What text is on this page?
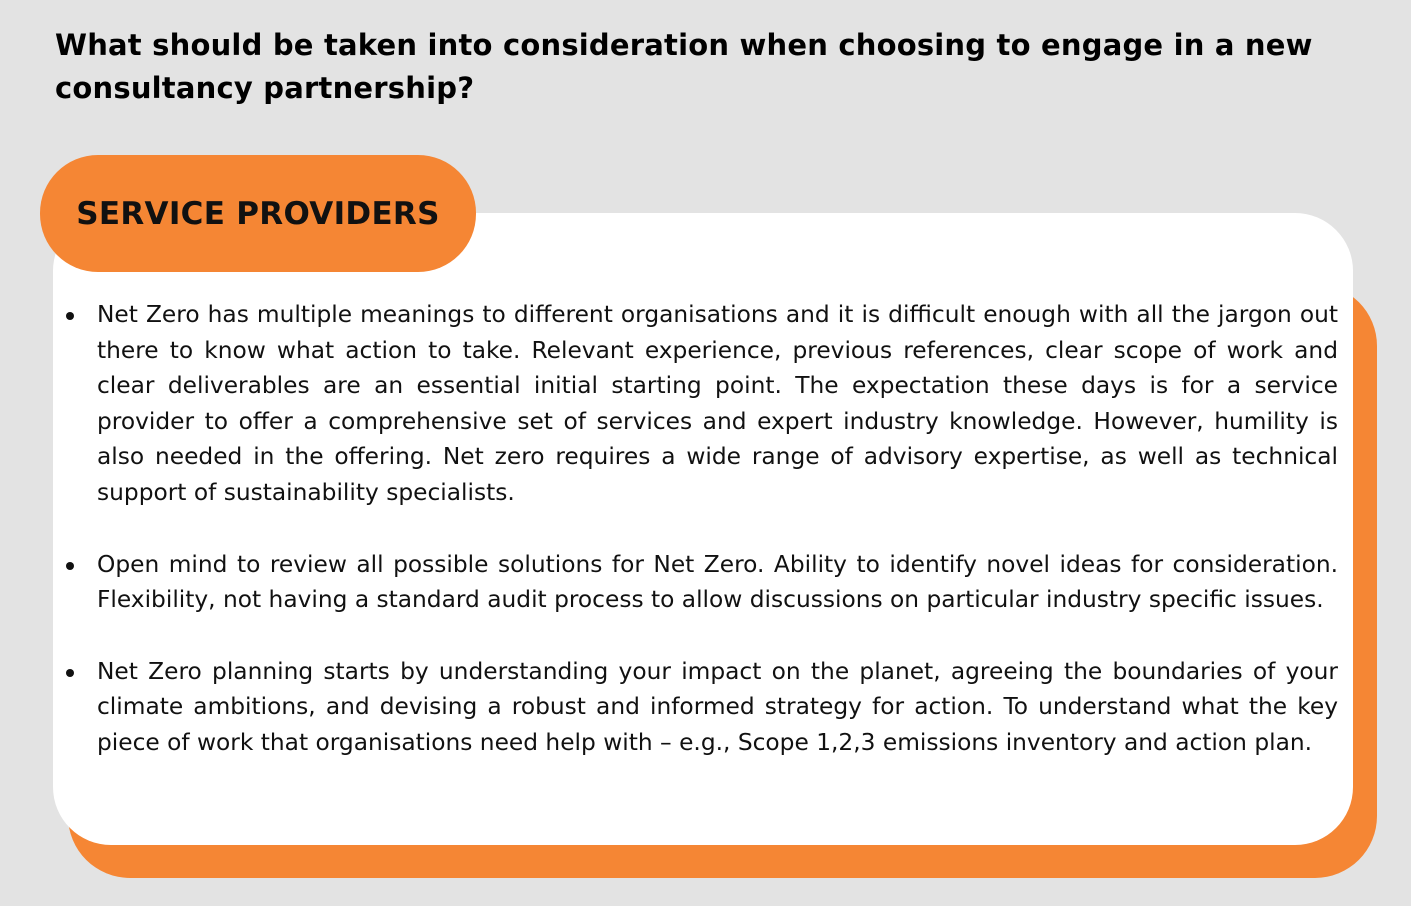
What should be taken into consideration when choosing to engage in a new consultancy partnership?
SERVICE PROVIDERS
Net Zero has multiple meanings to different organisations and it is difficult enough with all the jargon out there to know what action to take. Relevant experience, previous references, clear scope of work and clear deliverables are an essential initial starting point. The expectation these days is for a service provider to offer a comprehensive set of services and expert industry knowledge. However, humility is also needed in the offering. Net zero requires a wide range of advisory expertise, as well as technical support of sustainability specialists.
Open mind to review all possible solutions for Net Zero. Ability to identify novel ideas for consideration. Flexibility, not having a standard audit process to allow discussions on particular industry specific issues.
Net Zero planning starts by understanding your impact on the planet, agreeing the boundaries of your climate ambitions, and devising a robust and informed strategy for action. To understand what the key piece of work that organisations need help with – e.g., Scope 1,2,3 emissions inventory and action plan.
